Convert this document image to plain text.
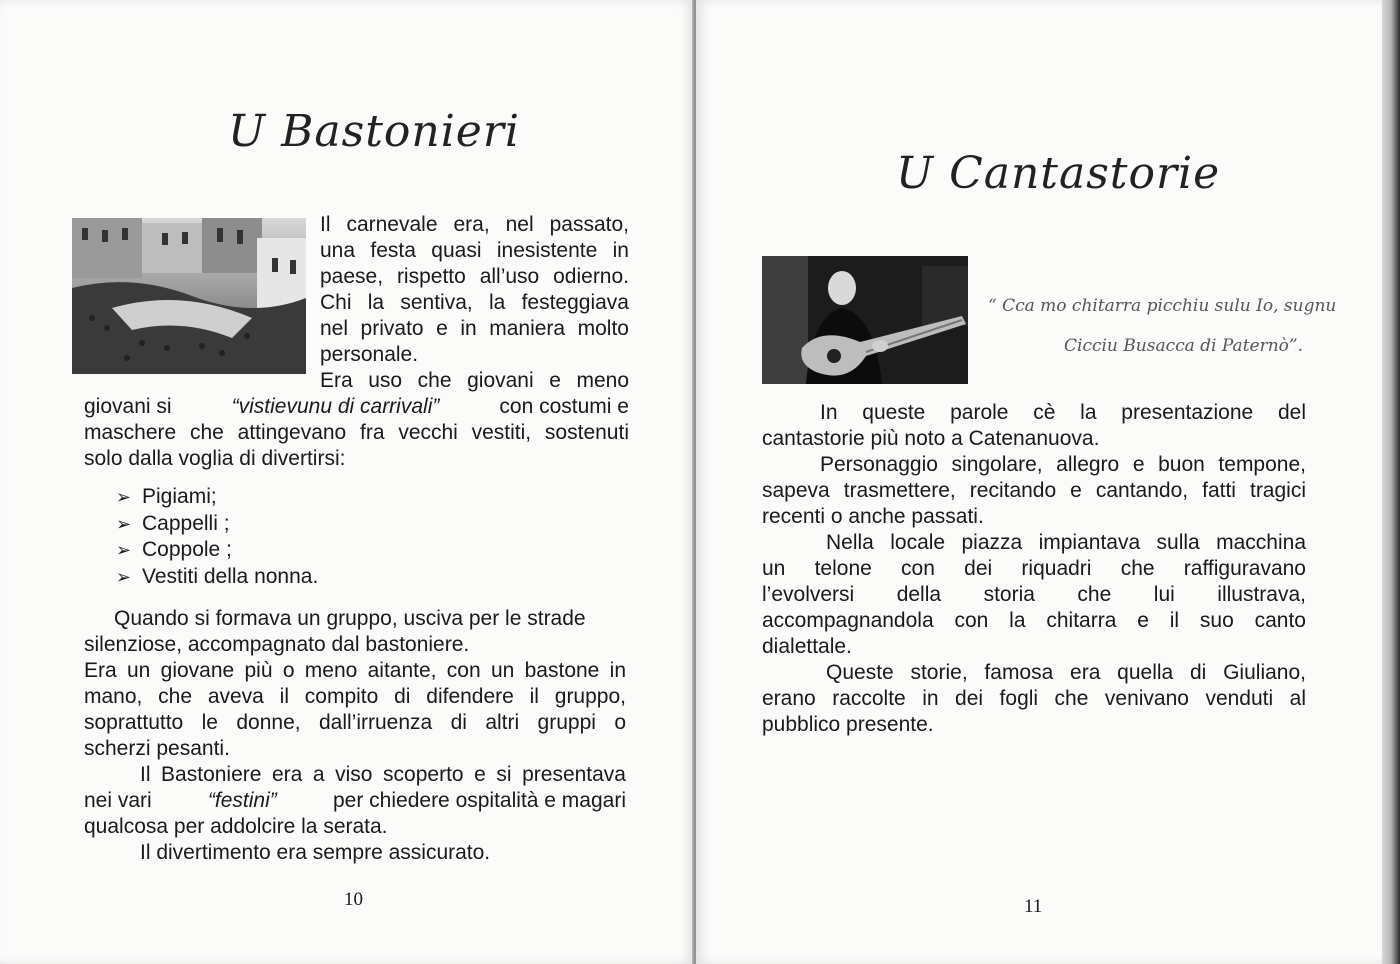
U Bastonieri
Il carnevale era, nel passato,
una festa quasi inesistente in
paese, rispetto all’uso odierno.
Chi la sentiva, la festeggiava
nel privato e in maniera molto
personale.
Era uso che giovani e meno
giovani si	“vistievunu di carrivali”	con costumi e
maschere che attingevano fra vecchi vestiti, sostenuti
solo dalla voglia di divertirsi:
➢ Pigiami;
➢ Cappelli ;
➢ Coppole ;
➢ Vestiti della nonna.
Quando si formava un gruppo, usciva per le strade
silenziose, accompagnato dal bastoniere.
Era un giovane più o meno aitante, con un bastone in
mano, che aveva il compito di difendere il gruppo,
soprattutto le donne, dall’irruenza di altri gruppi o
scherzi pesanti.
Il Bastoniere era a viso scoperto e si presentava
nei vari	“festini”	per chiedere ospitalità e magari
qualcosa per addolcire la serata.
Il divertimento era sempre assicurato.
10
U Cantastorie
“ Cca mo chitarra picchiu sulu Io, sugnu
Cicciu Busacca di Paternò”.
In queste parole cè la presentazione del
cantastorie più noto a Catenanuova.
Personaggio singolare, allegro e buon tempone,
sapeva trasmettere, recitando e cantando, fatti tragici
recenti o anche passati.
Nella locale piazza impiantava sulla macchina
un telone con dei riquadri che raffiguravano
l’evolversi della storia che lui illustrava,
accompagnandola con la chitarra e il suo canto
dialettale.
Queste storie, famosa era quella di Giuliano,
erano raccolte in dei fogli che venivano venduti al
pubblico presente.
11
